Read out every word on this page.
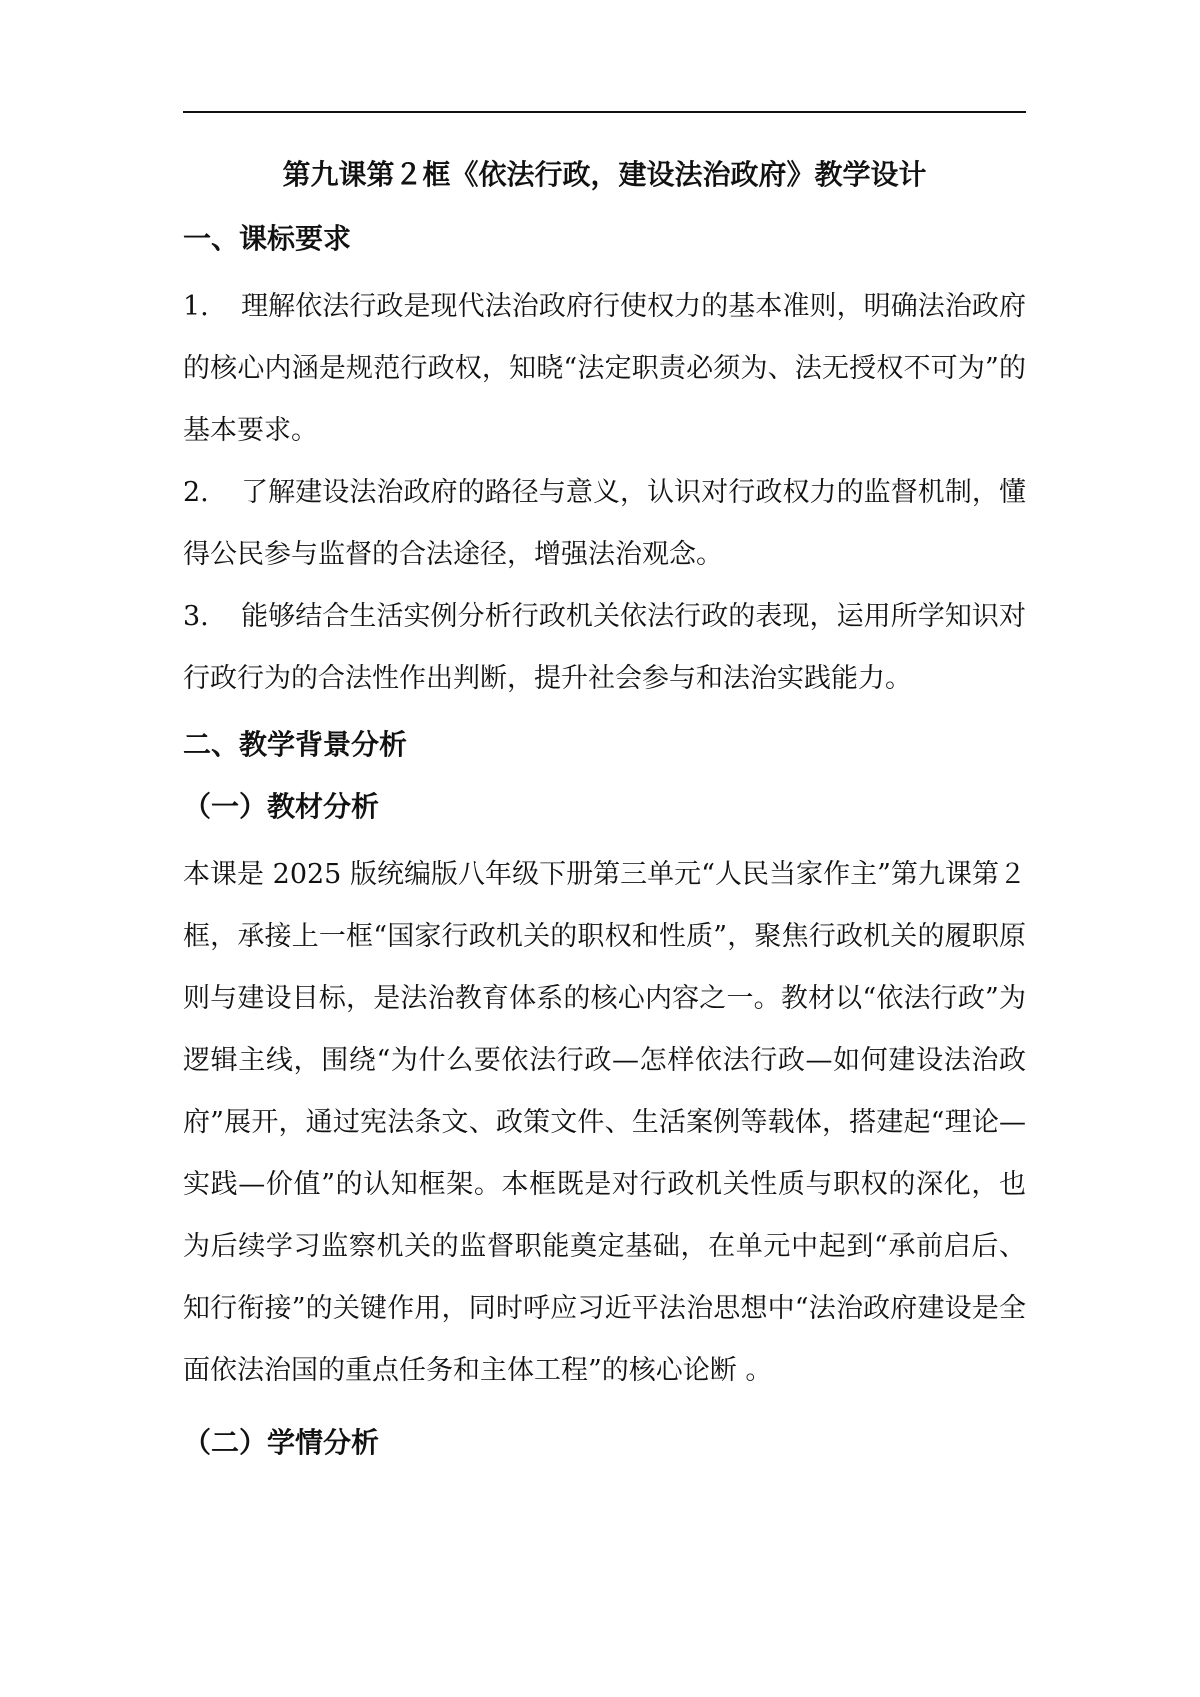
第九课第２框《依法行政，建设法治政府》教学设计
一、课标要求
1. 理解依法行政是现代法治政府行使权力的基本准则，明确法治政府的核心内涵是规范行政权，知晓“法定职责必须为、法无授权不可为”的基本要求。
2. 了解建设法治政府的路径与意义，认识对行政权力的监督机制，懂得公民参与监督的合法途径，增强法治观念。
3. 能够结合生活实例分析行政机关依法行政的表现，运用所学知识对行政行为的合法性作出判断，提升社会参与和法治实践能力。
二、教学背景分析
（一）教材分析
本课是 2025 版统编版八年级下册第三单元“人民当家作主”第九课第２框，承接上一框“国家行政机关的职权和性质”，聚焦行政机关的履职原则与建设目标，是法治教育体系的核心内容之一。教材以“依法行政”为逻辑主线，围绕“为什么要依法行政—怎样依法行政—如何建设法治政府”展开，通过宪法条文、政策文件、生活案例等载体，搭建起“理论—实践—价值”的认知框架。本框既是对行政机关性质与职权的深化，也为后续学习监察机关的监督职能奠定基础，在单元中起到“承前启后、知行衔接”的关键作用，同时呼应习近平法治思想中“法治政府建设是全面依法治国的重点任务和主体工程”的核心论断 。
（二）学情分析
